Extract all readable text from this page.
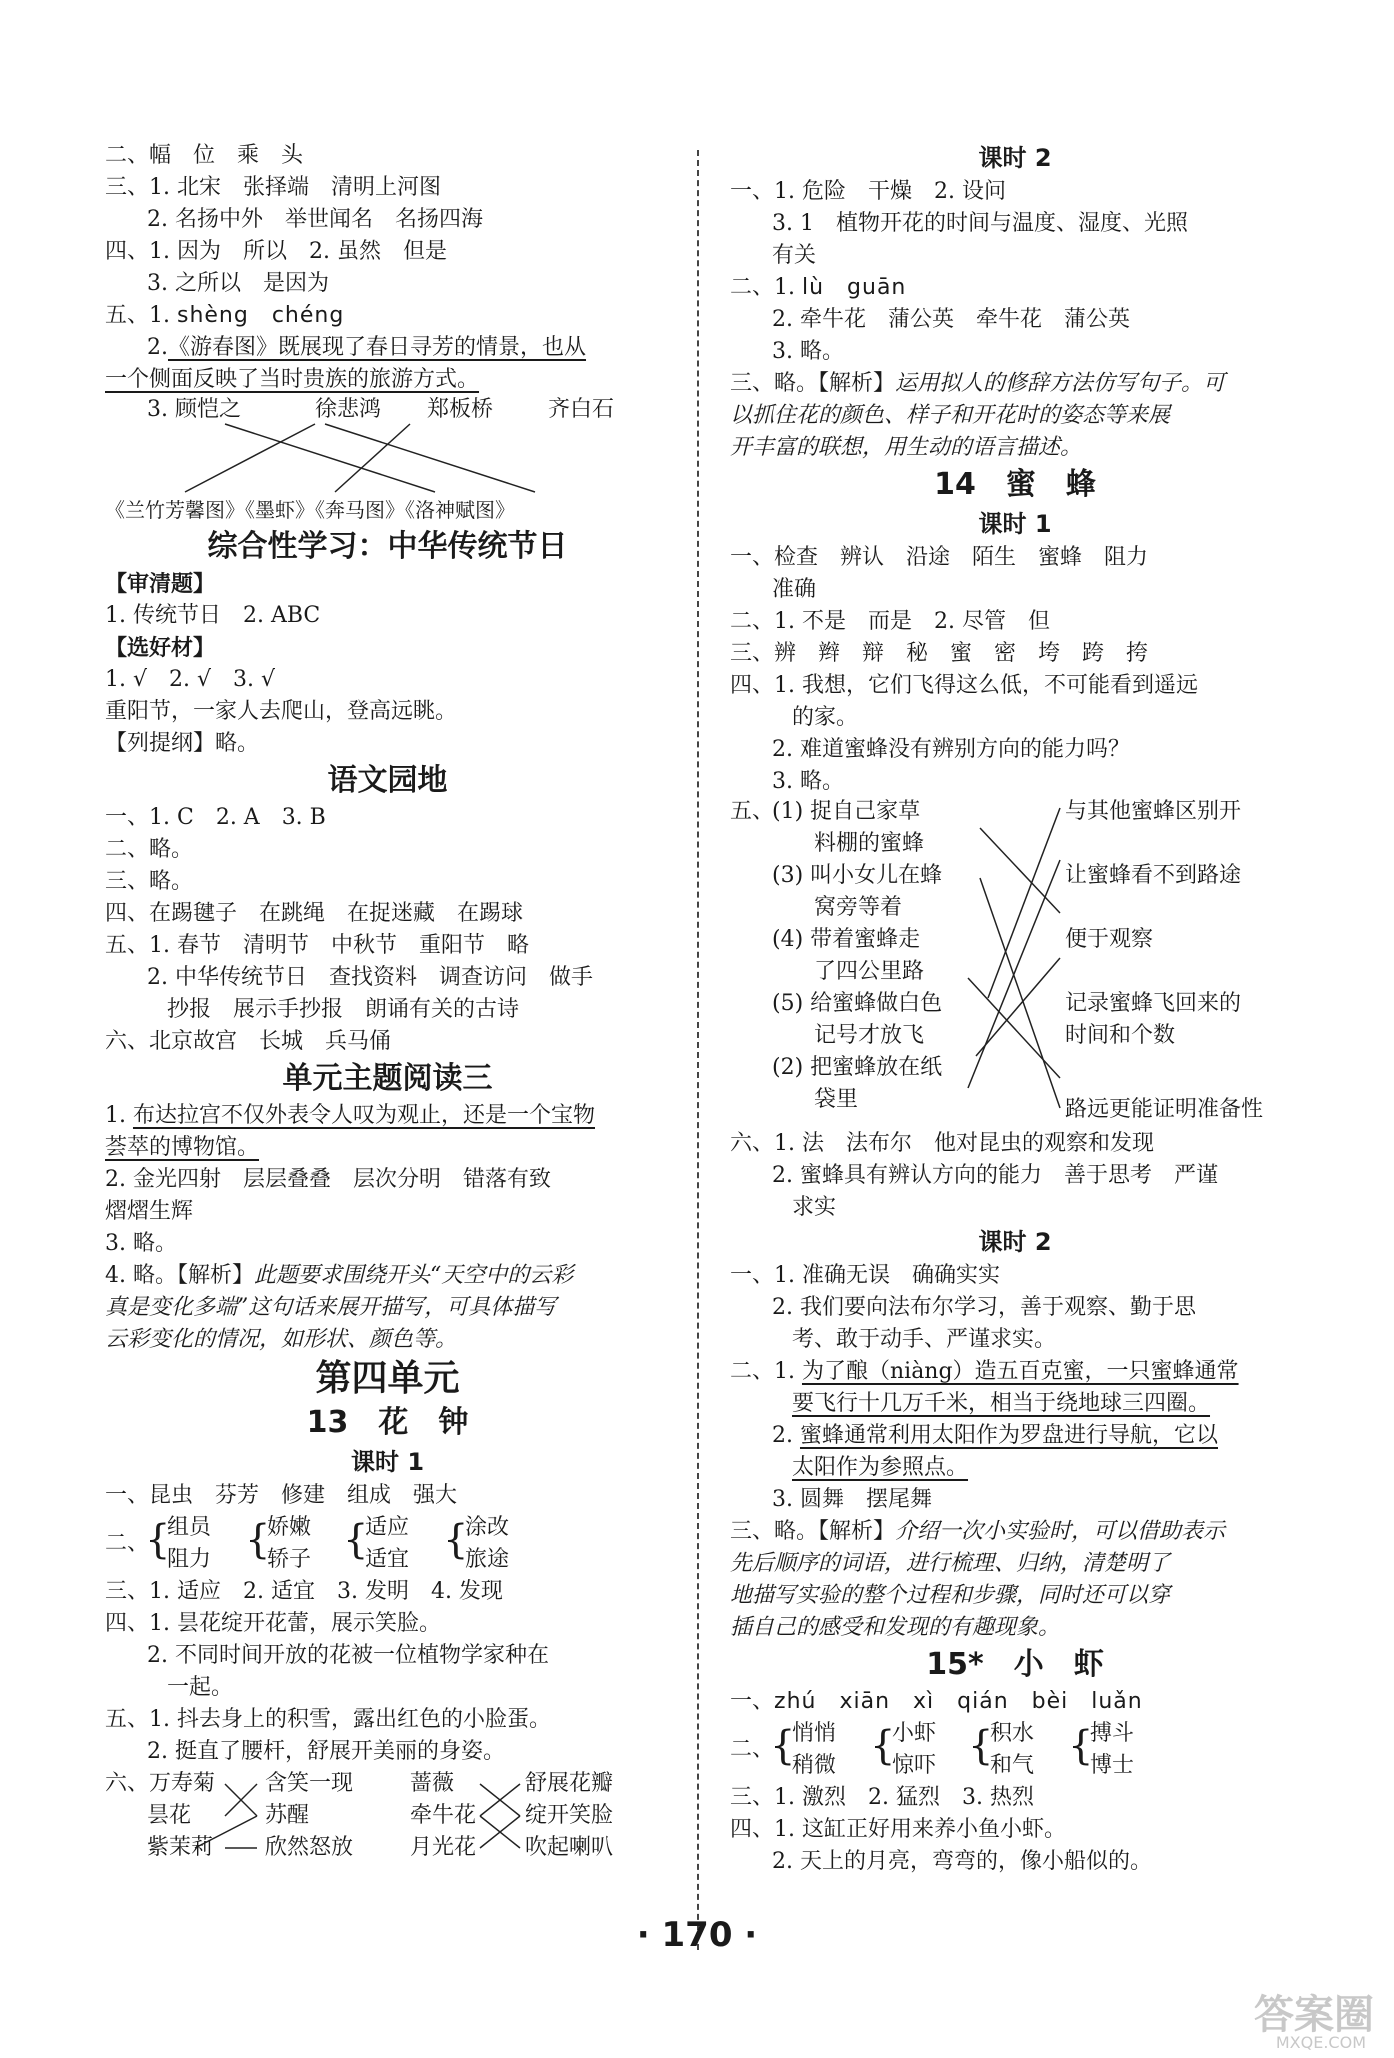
二、幅　位　乘　头
三、1. 北宋　张择端　清明上河图
2. 名扬中外　举世闻名　名扬四海
四、1. 因为　所以　2. 虽然　但是
3. 之所以　是因为
五、1. shèng　chéng
2.《游春图》既展现了春日寻芳的情景，也从
一个侧面反映了当时贵族的旅游方式。
3. 顾恺之	徐悲鸿 郑板桥 齐白石
《兰竹芳馨图》《墨虾》《奔马图》《洛神赋图》
综合性学习：中华传统节日
【审清题】
1. 传统节日　2. ABC
【选好材】
1. √　2. √　3. √
重阳节，一家人去爬山，登高远眺。
【列提纲】略。
语文园地
一、1. C　2. A　3. B
二、略。
三、略。
四、在踢毽子　在跳绳　在捉迷藏　在踢球
五、1. 春节　清明节　中秋节　重阳节　略
2. 中华传统节日　查找资料　调查访问　做手
抄报　展示手抄报　朗诵有关的古诗
六、北京故宫　长城　兵马俑
单元主题阅读三
1. 布达拉宫不仅外表令人叹为观止，还是一个宝物
荟萃的博物馆。
2. 金光四射　层层叠叠　层次分明　错落有致
熠熠生辉
3. 略。
4. 略。【解析】此题要求围绕开头“天空中的云彩
真是变化多端”这句话来展开描写，可具体描写
云彩变化的情况，如形状、颜色等。
第四单元
13　花　钟
课时 1
一、昆虫　芬芳　修建　组成　强大
二、
{
组员
阻力 {
娇嫩
轿子 {
适应
适宜 {
涂改
旅途
三、1. 适应　2. 适宜　3. 发明　4. 发现
四、1. 昙花绽开花蕾，展示笑脸。
2. 不同时间开放的花被一位植物学家种在
一起。
五、1. 抖去身上的积雪，露出红色的小脸蛋。
2. 挺直了腰杆，舒展开美丽的身姿。
六、万寿菊
昙花
紫茉莉
含笑一现
苏醒
欣然怒放
蔷薇
牵牛花
月光花
舒展花瓣
绽开笑脸
吹起喇叭
课时 2
一、1. 危险　干燥　2. 设问
3. 1　植物开花的时间与温度、湿度、光照
有关
二、1. lù　guān
2. 牵牛花　蒲公英　牵牛花　蒲公英
3. 略。
三、略。【解析】运用拟人的修辞方法仿写句子。可
以抓住花的颜色、样子和开花时的姿态等来展
开丰富的联想，用生动的语言描述。
14　蜜　蜂
课时 1
一、检查　辨认　沿途　陌生　蜜蜂　阻力
准确
二、1. 不是　而是　2. 尽管　但
三、辨　辫　辩　秘　蜜　密　垮　跨　挎
四、1. 我想，它们飞得这么低，不可能看到遥远
的家。
2. 难道蜜蜂没有辨别方向的能力吗？
3. 略。
五、
(1) 捉自己家草
料棚的蜜蜂
(3) 叫小女儿在蜂
窝旁等着
(4) 带着蜜蜂走
了四公里路
(5) 给蜜蜂做白色
记号才放飞
(2) 把蜜蜂放在纸
袋里
与其他蜜蜂区别开
让蜜蜂看不到路途
便于观察
记录蜜蜂飞回来的
时间和个数
路远更能证明准备性
六、1. 法　法布尔　他对昆虫的观察和发现
2. 蜜蜂具有辨认方向的能力　善于思考　严谨
求实
课时 2
一、1. 准确无误　确确实实
2. 我们要向法布尔学习，善于观察、勤于思
考、敢于动手、严谨求实。
二、1. 为了酿（niàng）造五百克蜜，一只蜜蜂通常
要飞行十几万千米，相当于绕地球三四圈。
2. 蜜蜂通常利用太阳作为罗盘进行导航，它以
太阳作为参照点。
3. 圆舞　摆尾舞
三、略。【解析】介绍一次小实验时，可以借助表示
先后顺序的词语，进行梳理、归纳，清楚明了
地描写实验的整个过程和步骤，同时还可以穿
插自己的感受和发现的有趣现象。
15*　小　虾
一、zhú　xiān　xì　qián　bèi　luǎn
二、
{
悄悄
稍微 {
小虾
惊吓 {
积水
和气 {
搏斗
博士
三、1. 激烈　2. 猛烈　3. 热烈
四、1. 这缸正好用来养小鱼小虾。
2. 天上的月亮，弯弯的，像小船似的。
· 170 ·
答案圈
MXQE.COM
